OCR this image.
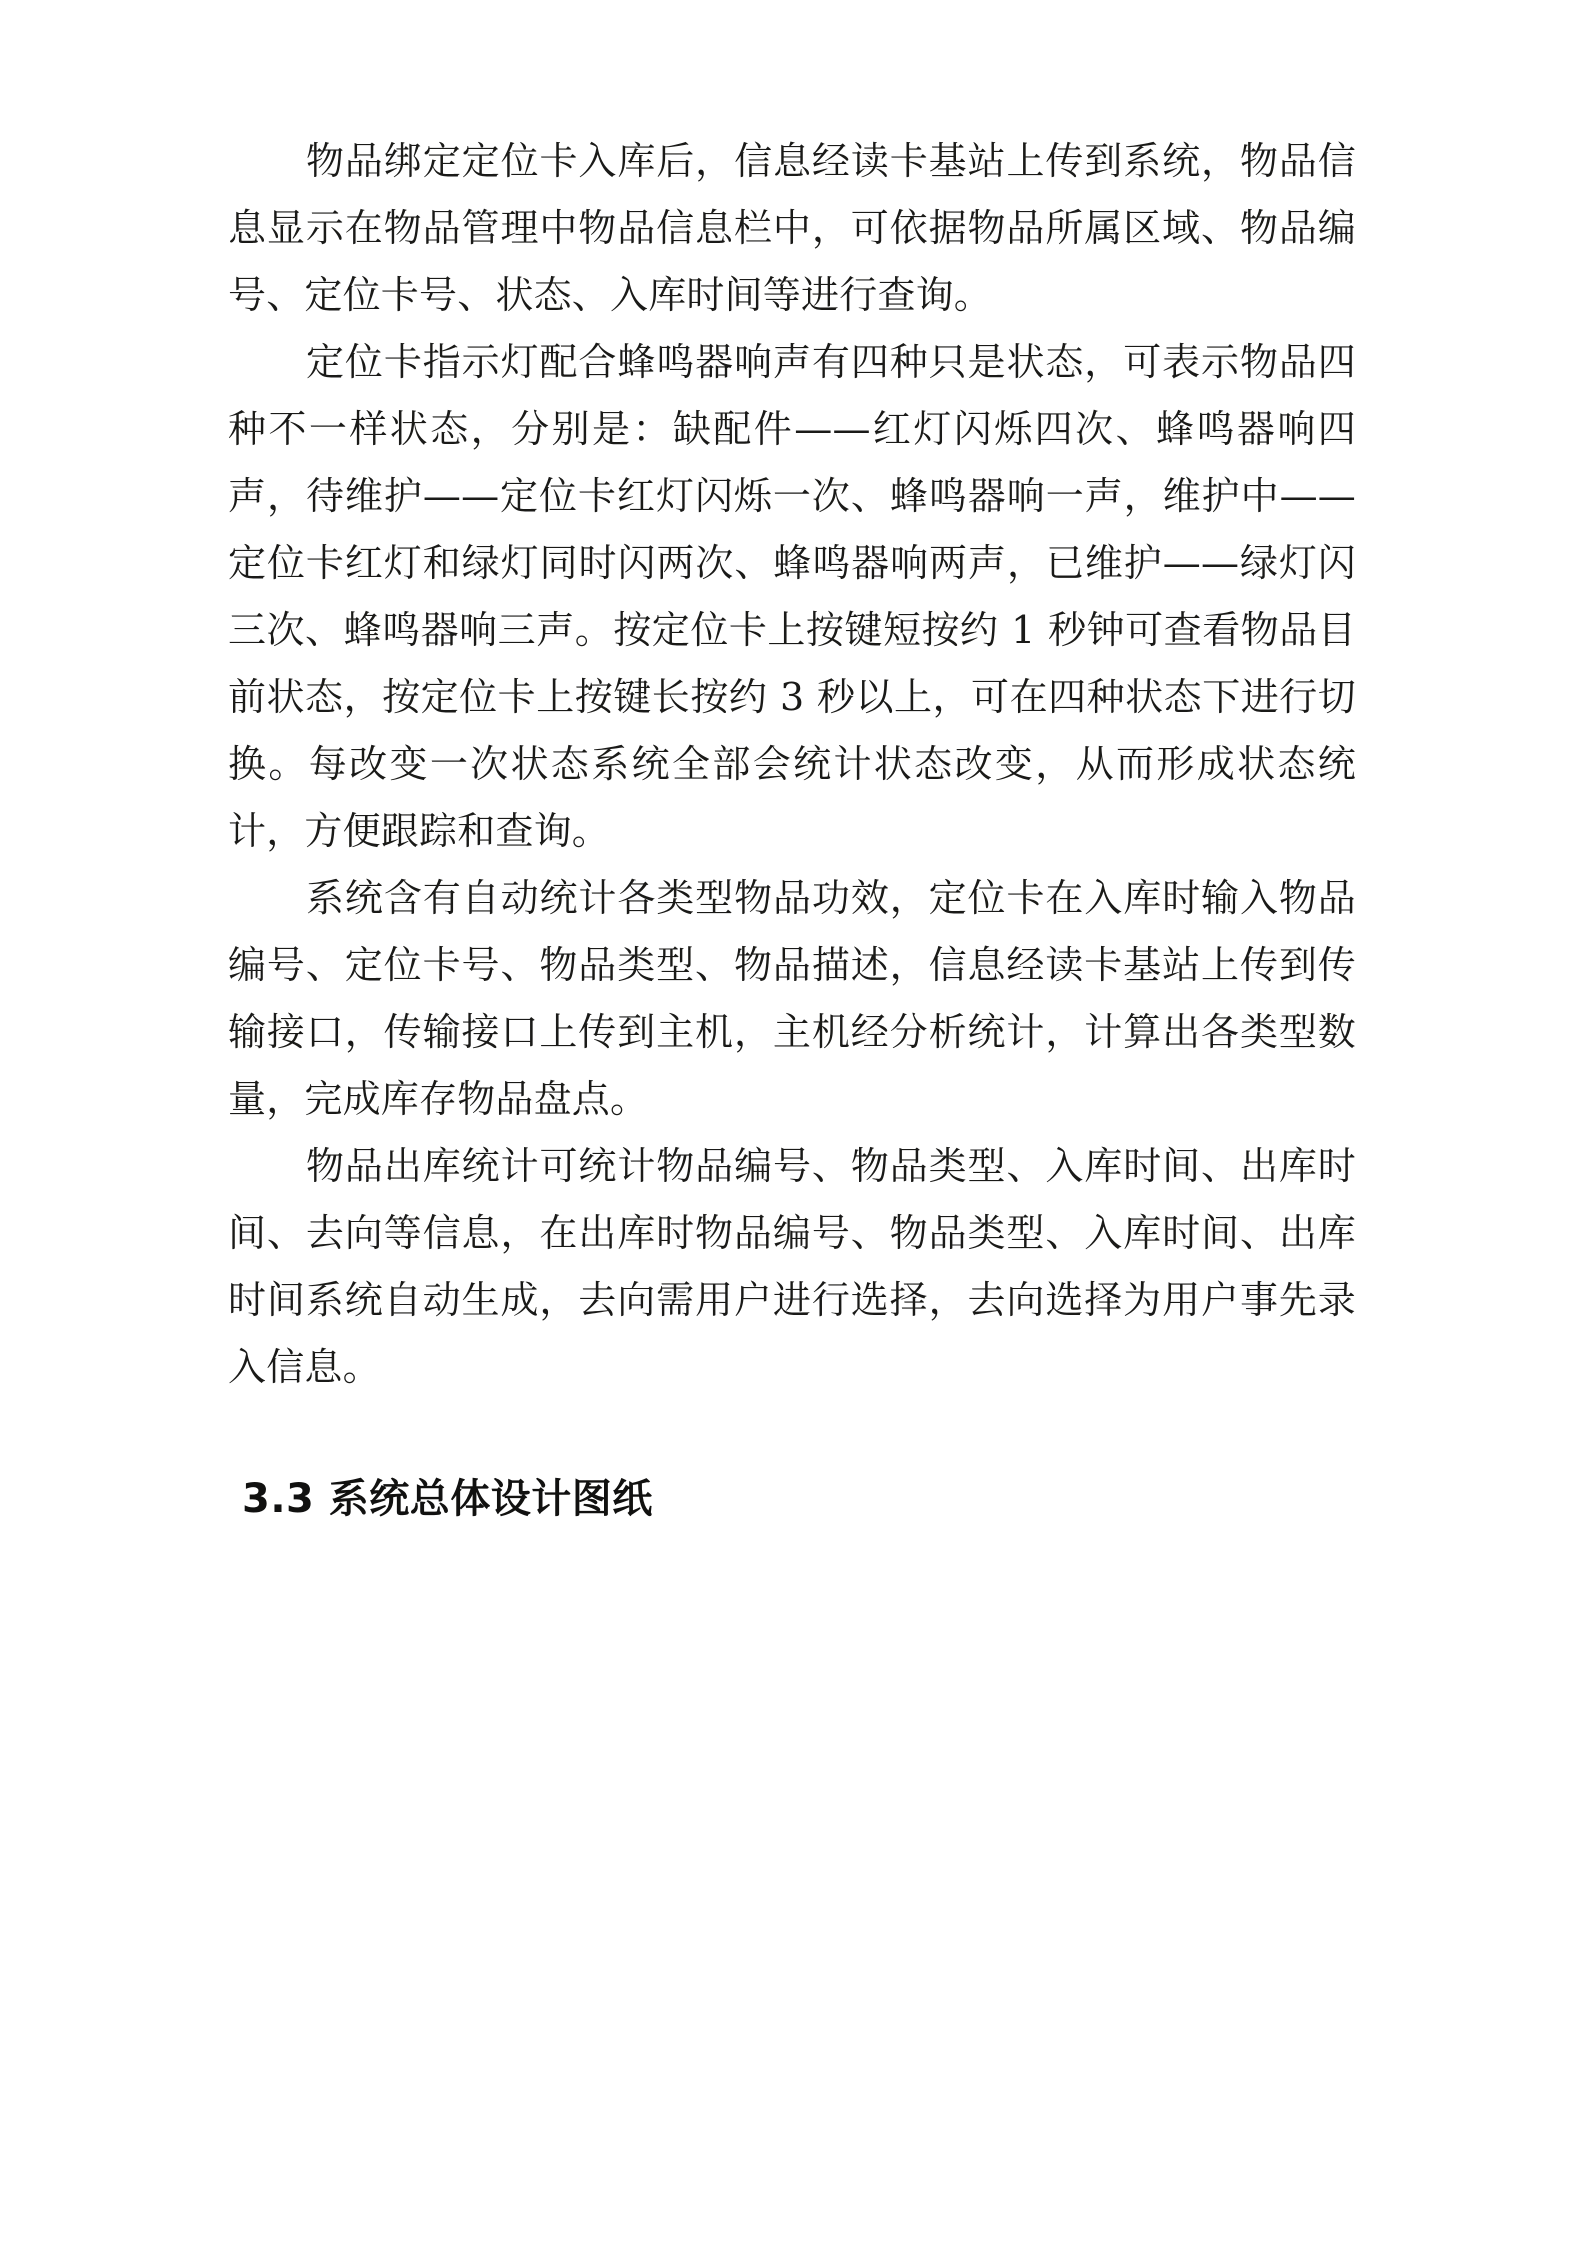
物品绑定定位卡入库后，信息经读卡基站上传到系统，物品信息显示在物品管理中物品信息栏中，可依据物品所属区域、物品编号、定位卡号、状态、入库时间等进行查询。

定位卡指示灯配合蜂鸣器响声有四种只是状态，可表示物品四种不一样状态，分别是：缺配件——红灯闪烁四次、蜂鸣器响四声，待维护——定位卡红灯闪烁一次、蜂鸣器响一声，维护中——定位卡红灯和绿灯同时闪两次、蜂鸣器响两声，已维护——绿灯闪三次、蜂鸣器响三声。按定位卡上按键短按约 1 秒钟可查看物品目前状态，按定位卡上按键长按约 3 秒以上，可在四种状态下进行切换。每改变一次状态系统全部会统计状态改变，从而形成状态统计，方便跟踪和查询。

系统含有自动统计各类型物品功效，定位卡在入库时输入物品编号、定位卡号、物品类型、物品描述，信息经读卡基站上传到传输接口，传输接口上传到主机，主机经分析统计，计算出各类型数量，完成库存物品盘点。

物品出库统计可统计物品编号、物品类型、入库时间、出库时间、去向等信息，在出库时物品编号、物品类型、入库时间、出库时间系统自动生成，去向需用户进行选择，去向选择为用户事先录入信息。

3.3 系统总体设计图纸
